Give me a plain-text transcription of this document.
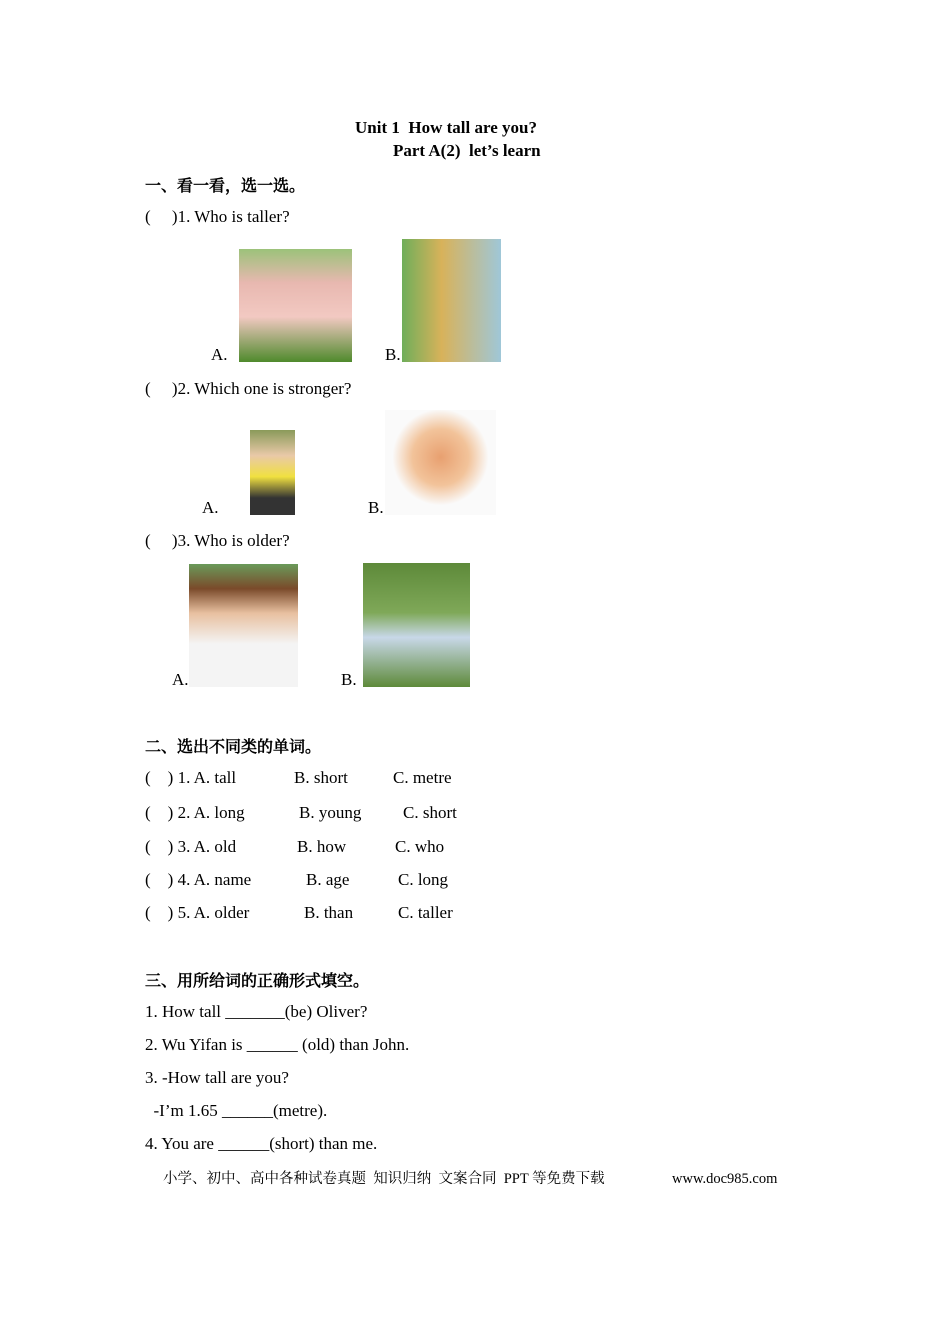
Unit 1  How tall are you?
Part A(2)  let’s learn
一、看一看，选一选。
(     )1. Who is taller?
A.	B.
(     )2. Which one is stronger?
A.	B.
(     )3. Who is older?
A.	B.
二、选出不同类的单词。
(    ) 1. A. tall	B. short	C. metre
(    ) 2. A. long	B. young C. short
(    ) 3. A. old	B. how	C. who
(    ) 4. A. name	B. age	C. long
(    ) 5. A. older	B. than	C. taller
三、用所给词的正确形式填空。
1. How tall _______(be) Oliver?
2. Wu Yifan is ______ (old) than John.
3. -How tall are you?
-I’m 1.65 ______(metre).
4. You are ______(short) than me.
小学、初中、高中各种试卷真题  知识归纳  文案合同  PPT 等免费下载	www.doc985.com
